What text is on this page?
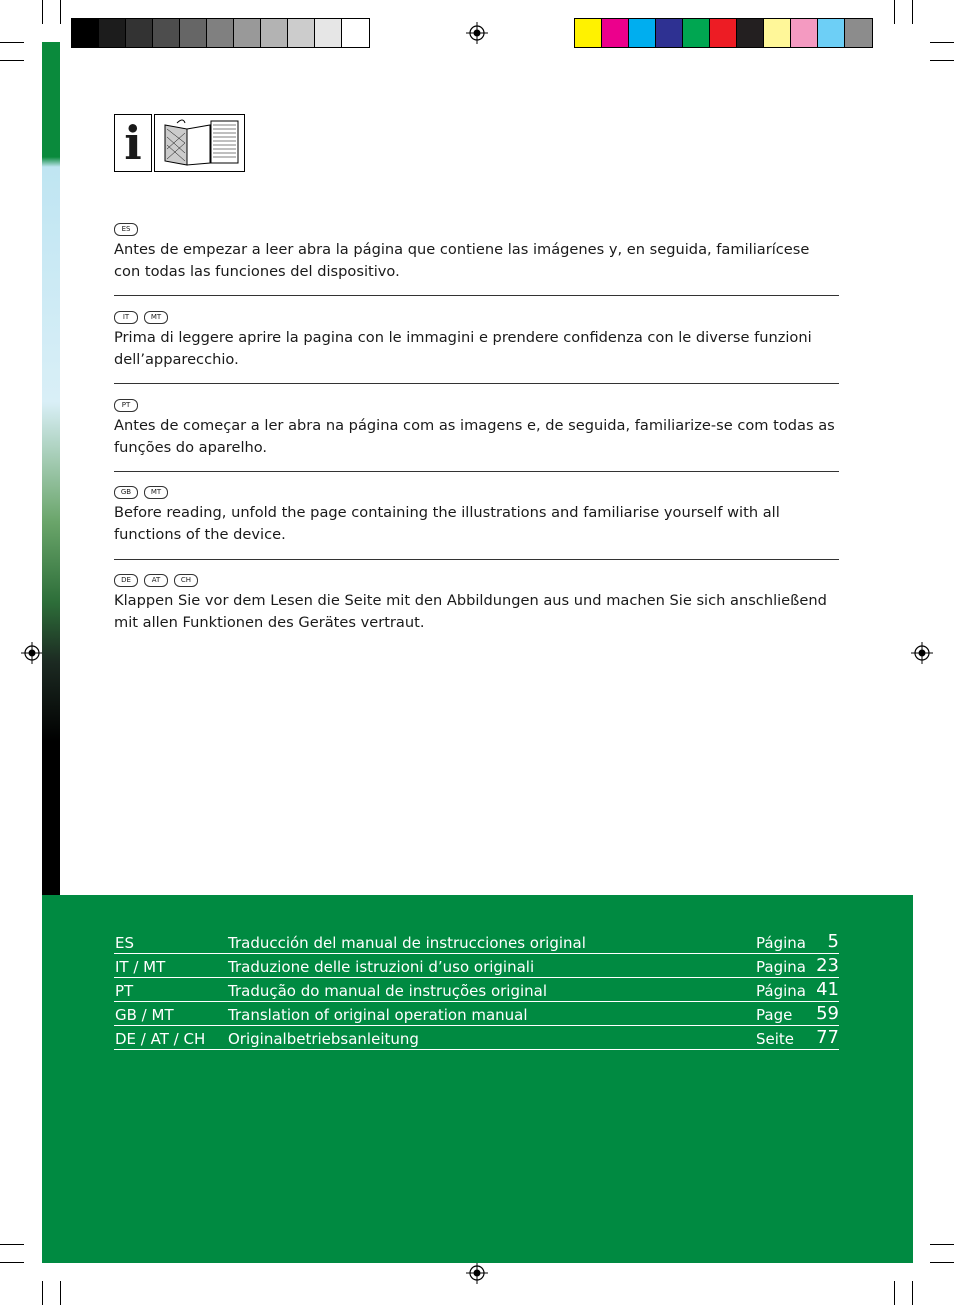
i
ES
Antes de empezar a leer abra la página que contiene las imágenes y, en seguida, familiarícese con todas las funciones del dispositivo.
IT	MT
Prima di leggere aprire la pagina con le immagini e prendere confidenza con le diverse funzioni dell’apparecchio.
PT
Antes de começar a ler abra na página com as imagens e, de seguida, familiarize-se com todas as funções do aparelho.
GB	MT
Before reading, unfold the page containing the illustrations and familiarise yourself with all functions of the device.
DE	AT	CH
Klappen Sie vor dem Lesen die Seite mit den Abbildungen aus und machen Sie sich anschließend mit allen Funktionen des Gerätes vertraut.
ES	Traducción del manual de instrucciones original	Página 5
IT / MT	Traduzione delle istruzioni d’uso originali	Pagina 23
PT	Tradução do manual de instruções original	Página 41
GB / MT	Translation of original operation manual	Page 59
DE / AT / CH Originalbetriebsanleitung	Seite 77
